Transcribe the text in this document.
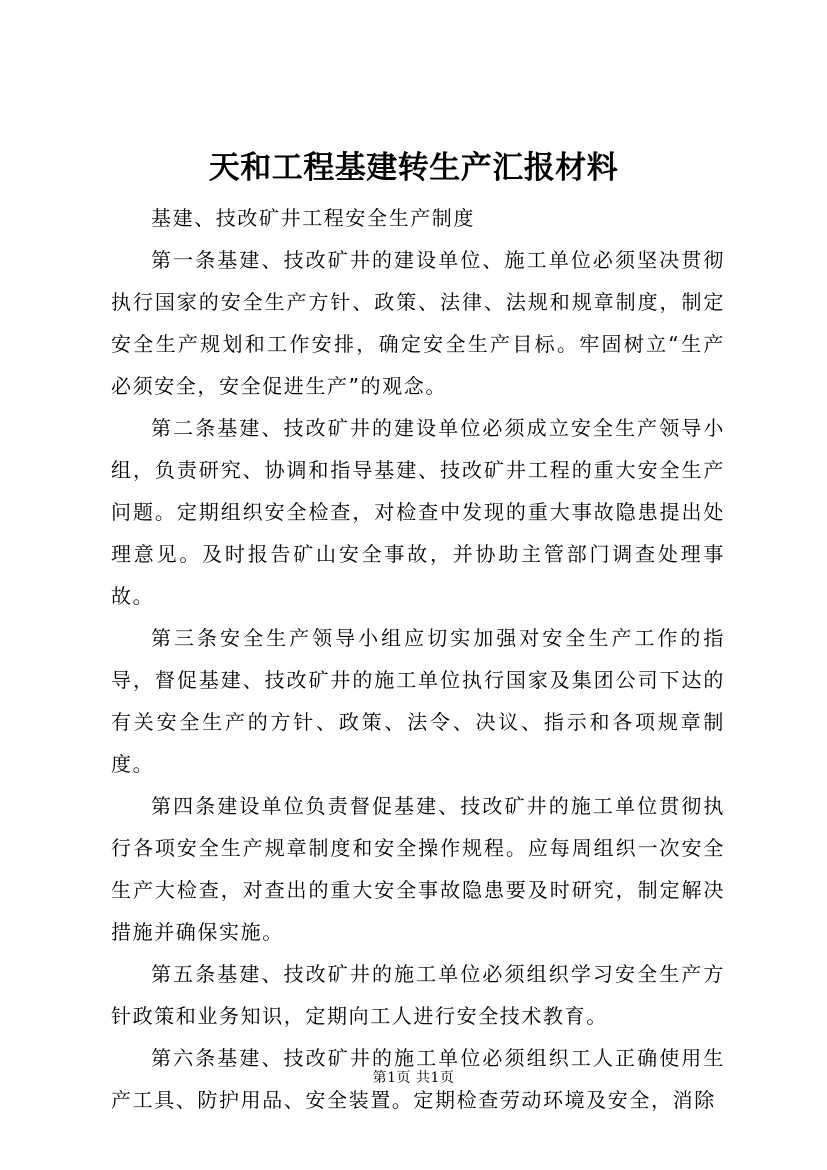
天和工程基建转生产汇报材料

基建、技改矿井工程安全生产制度

第一条基建、技改矿井的建设单位、施工单位必须坚决贯彻执行国家的安全生产方针、政策、法律、法规和规章制度，制定安全生产规划和工作安排，确定安全生产目标。牢固树立“生产必须安全，安全促进生产”的观念。

第二条基建、技改矿井的建设单位必须成立安全生产领导小组，负责研究、协调和指导基建、技改矿井工程的重大安全生产问题。定期组织安全检查，对检查中发现的重大事故隐患提出处理意见。及时报告矿山安全事故，并协助主管部门调查处理事故。

第三条安全生产领导小组应切实加强对安全生产工作的指导，督促基建、技改矿井的施工单位执行国家及集团公司下达的有关安全生产的方针、政策、法令、决议、指示和各项规章制度。

第四条建设单位负责督促基建、技改矿井的施工单位贯彻执行各项安全生产规章制度和安全操作规程。应每周组织一次安全生产大检查，对查出的重大安全事故隐患要及时研究，制定解决措施并确保实施。

第五条基建、技改矿井的施工单位必须组织学习安全生产方针政策和业务知识，定期向工人进行安全技术教育。

第六条基建、技改矿井的施工单位必须组织工人正确使用生产工具、防护用品、安全装置。定期检查劳动环境及安全，消除

第1页 共1页
